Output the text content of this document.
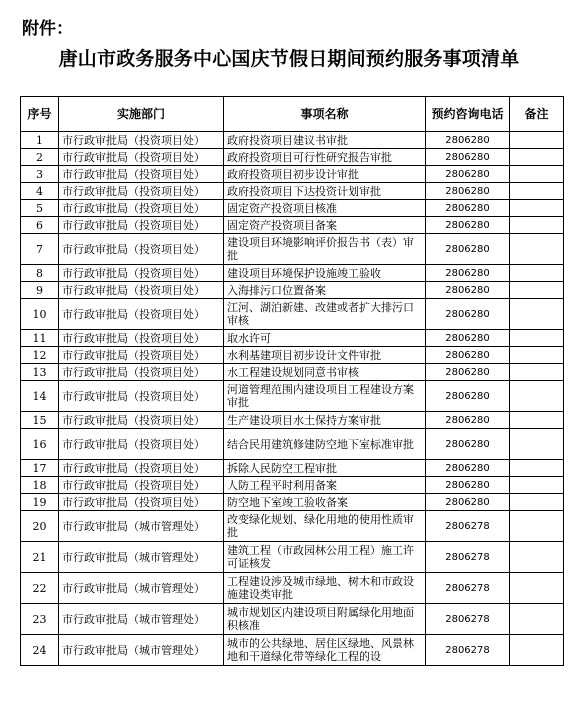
附件：
唐山市政务服务中心国庆节假日期间预约服务事项清单
序号	实施部门	事项名称	预约咨询电话	备注
1	市行政审批局（投资项目处）	政府投资项目建议书审批	2806280	
2	市行政审批局（投资项目处）	政府投资项目可行性研究报告审批	2806280	
3	市行政审批局（投资项目处）	政府投资项目初步设计审批	2806280	
4	市行政审批局（投资项目处）	政府投资项目下达投资计划审批	2806280	
5	市行政审批局（投资项目处）	固定资产投资项目核准	2806280	
6	市行政审批局（投资项目处）	固定资产投资项目备案	2806280	
7	市行政审批局（投资项目处）	建设项目环境影响评价报告书（表）审批	2806280	
8	市行政审批局（投资项目处）	建设项目环境保护设施竣工验收	2806280	
9	市行政审批局（投资项目处）	入海排污口位置备案	2806280	
10	市行政审批局（投资项目处）	江河、湖泊新建、改建或者扩大排污口审核	2806280	
11	市行政审批局（投资项目处）	取水许可	2806280	
12	市行政审批局（投资项目处）	水利基建项目初步设计文件审批	2806280	
13	市行政审批局（投资项目处）	水工程建设规划同意书审核	2806280	
14	市行政审批局（投资项目处）	河道管理范围内建设项目工程建设方案审批	2806280	
15	市行政审批局（投资项目处）	生产建设项目水土保持方案审批	2806280	
16	市行政审批局（投资项目处）	结合民用建筑修建防空地下室标准审批	2806280	
17	市行政审批局（投资项目处）	拆除人民防空工程审批	2806280	
18	市行政审批局（投资项目处）	人防工程平时利用备案	2806280	
19	市行政审批局（投资项目处）	防空地下室竣工验收备案	2806280	
20	市行政审批局（城市管理处）	改变绿化规划、绿化用地的使用性质审批	2806278	
21	市行政审批局（城市管理处）	建筑工程（市政园林公用工程）施工许可证核发	2806278	
22	市行政审批局（城市管理处）	工程建设涉及城市绿地、树木和市政设施建设类审批	2806278	
23	市行政审批局（城市管理处）	城市规划区内建设项目附属绿化用地面积核准	2806278	
24	市行政审批局（城市管理处）	城市的公共绿地、居住区绿地、风景林地和干道绿化带等绿化工程的设	2806278	
